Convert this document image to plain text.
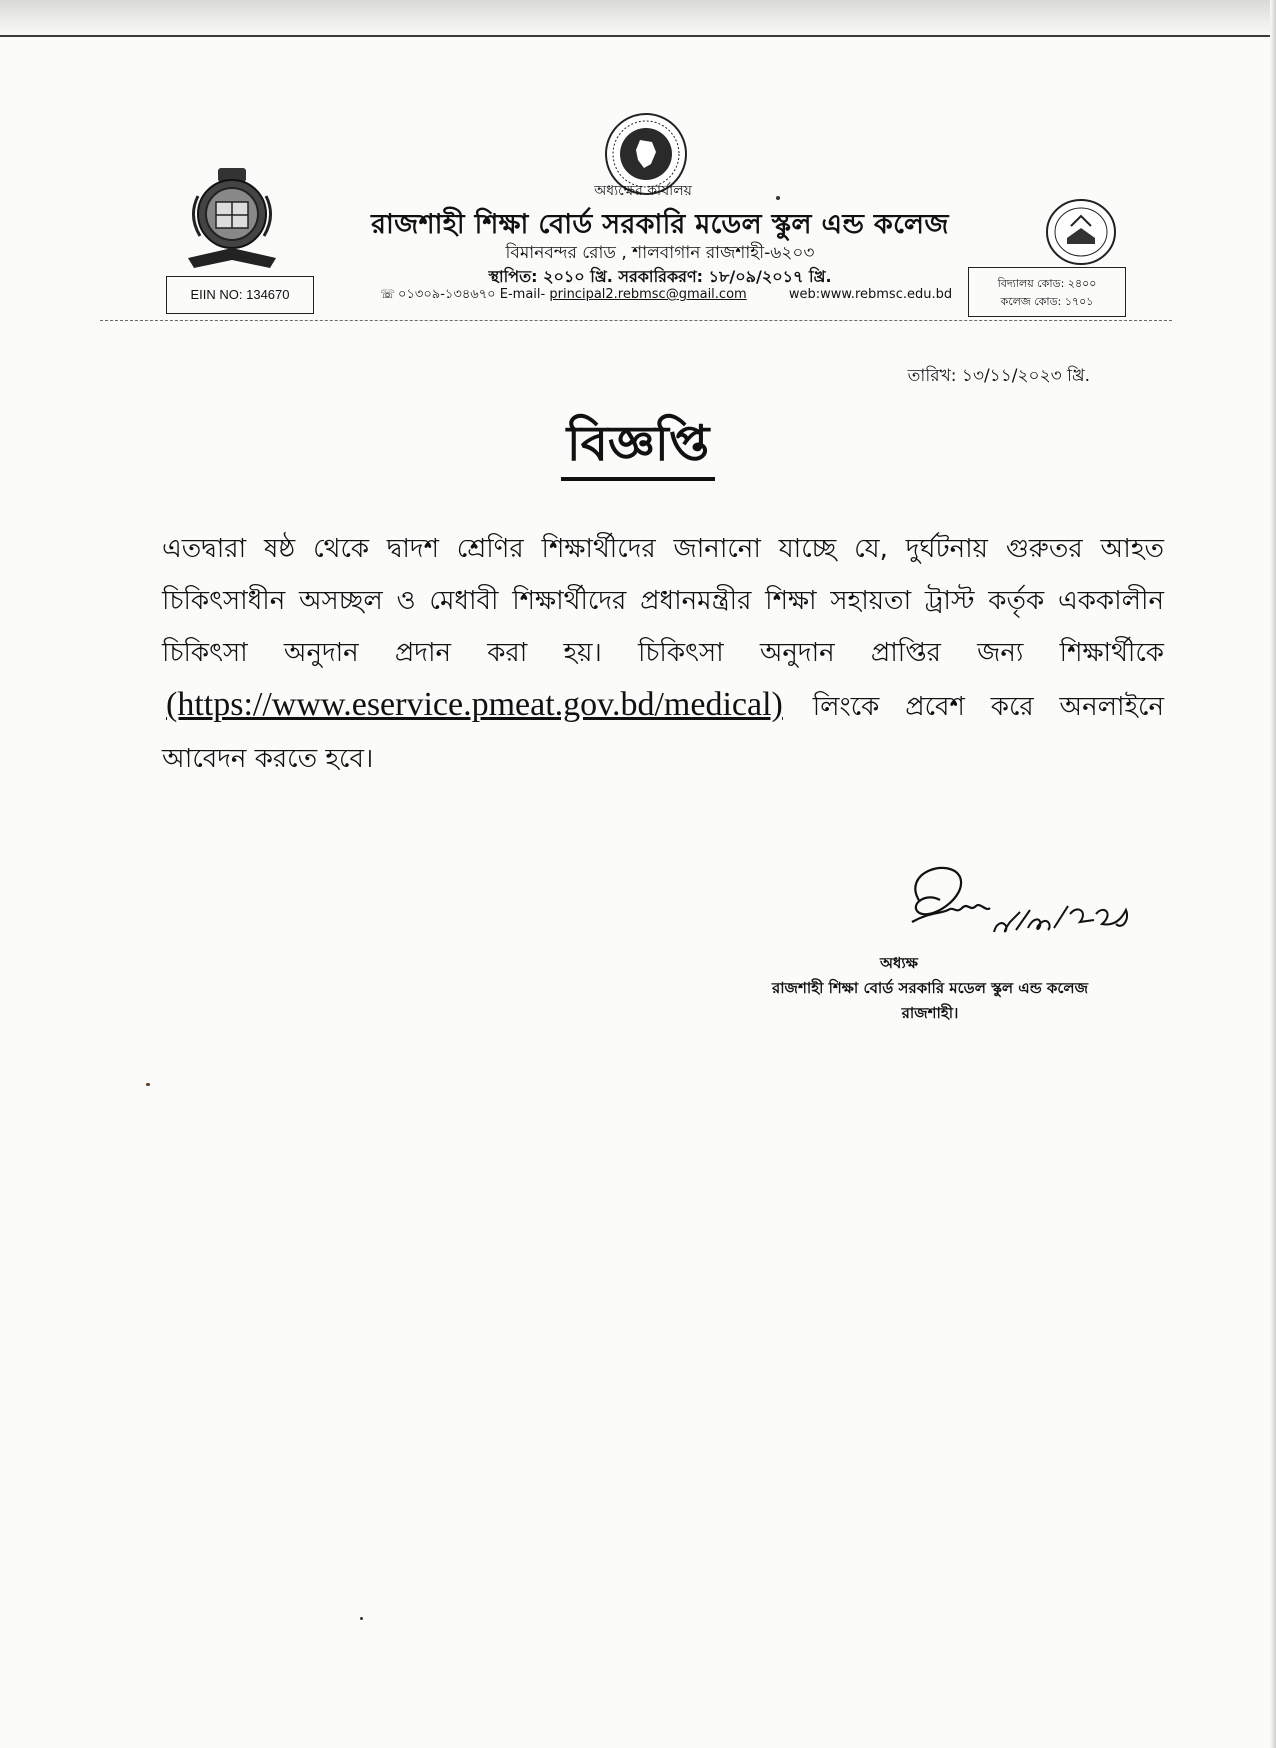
অধ্যক্ষের কার্যালয়
রাজশাহী শিক্ষা বোর্ড সরকারি মডেল স্কুল এন্ড কলেজ
বিমানবন্দর রোড , শালবাগান রাজশাহী-৬২০৩
স্থাপিত: ২০১০ খ্রি. সরকারিকরণ: ১৮/০৯/২০১৭ খ্রি.
☏ ০১৩০৯-১৩৪৬৭০ E-mail- principal2.rebmsc@gmail.com	web:www.rebmsc.edu.bd
EIIN NO: 134670
বিদ্যালয় কোড: ২৪০০
কলেজ কোড: ১৭০১
তারিখ: ১৩/১১/২০২৩ খ্রি.
বিজ্ঞপ্তি
এতদ্বারা ষষ্ঠ থেকে দ্বাদশ শ্রেণির শিক্ষার্থীদের জানানো যাচ্ছে যে, দুর্ঘটনায় গুরুতর আহত চিকিৎসাধীন অসচ্ছল ও মেধাবী শিক্ষার্থীদের প্রধানমন্ত্রীর শিক্ষা সহায়তা ট্রাস্ট কর্তৃক এককালীন চিকিৎসা অনুদান প্রদান করা হয়। চিকিৎসা অনুদান প্রাপ্তির জন্য শিক্ষার্থীকে (https://www.eservice.pmeat.gov.bd/medical) লিংকে প্রবেশ করে অনলাইনে আবেদন করতে হবে।
অধ্যক্ষ
রাজশাহী শিক্ষা বোর্ড সরকারি মডেল স্কুল এন্ড কলেজ
রাজশাহী।
